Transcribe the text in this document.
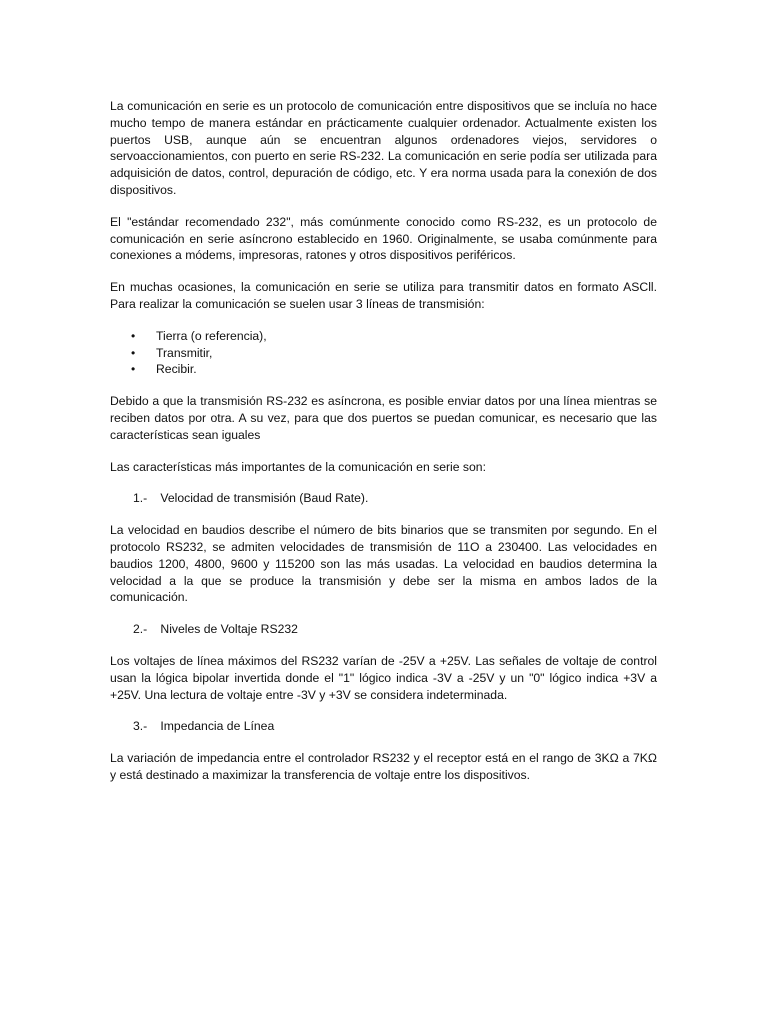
La comunicación en serie es un protocolo de comunicación entre dispositivos que se incluía no hace mucho tempo de manera estándar en prácticamente cualquier ordenador. Actualmente existen los puertos USB, aunque aún se encuentran algunos ordenadores viejos, servidores o servoaccionamientos, con puerto en serie RS-232. La comunicación en serie podía ser utilizada para adquisición de datos, control, depuración de código, etc. Y era norma usada para la conexión de dos dispositivos.

El "estándar recomendado 232", más comúnmente conocido como RS-232, es un protocolo de comunicación en serie asíncrono establecido en 1960. Originalmente, se usaba comúnmente para conexiones a módems, impresoras, ratones y otros dispositivos periféricos.

En muchas ocasiones, la comunicación en serie se utiliza para transmitir datos en formato ASCll. Para realizar la comunicación se suelen usar 3 líneas de transmisión:

• Tierra (o referencia),
• Transmitir,
• Recibir.

Debido a que la transmisión RS-232 es asíncrona, es posible enviar datos por una línea mientras se reciben datos por otra. A su vez, para que dos puertos se puedan comunicar, es necesario que las características sean iguales

Las características más importantes de la comunicación en serie son:

1.- Velocidad de transmisión (Baud Rate).

La velocidad en baudios describe el número de bits binarios que se transmiten por segundo. En el protocolo RS232, se admiten velocidades de transmisión de 11O a 230400. Las velocidades en baudios 1200, 4800, 9600 y 115200 son las más usadas. La velocidad en baudios determina la velocidad a la que se produce la transmisión y debe ser la misma en ambos lados de la comunicación.

2.- Niveles de Voltaje RS232

Los voltajes de línea máximos del RS232 varían de -25V a +25V. Las señales de voltaje de control usan la lógica bipolar invertida donde el "1" lógico indica -3V a -25V y un "0" lógico indica +3V a +25V. Una lectura de voltaje entre -3V y +3V se considera indeterminada.

3.- Impedancia de Línea

La variación de impedancia entre el controlador RS232 y el receptor está en el rango de 3KΩ a 7KΩ y está destinado a maximizar la transferencia de voltaje entre los dispositivos.
